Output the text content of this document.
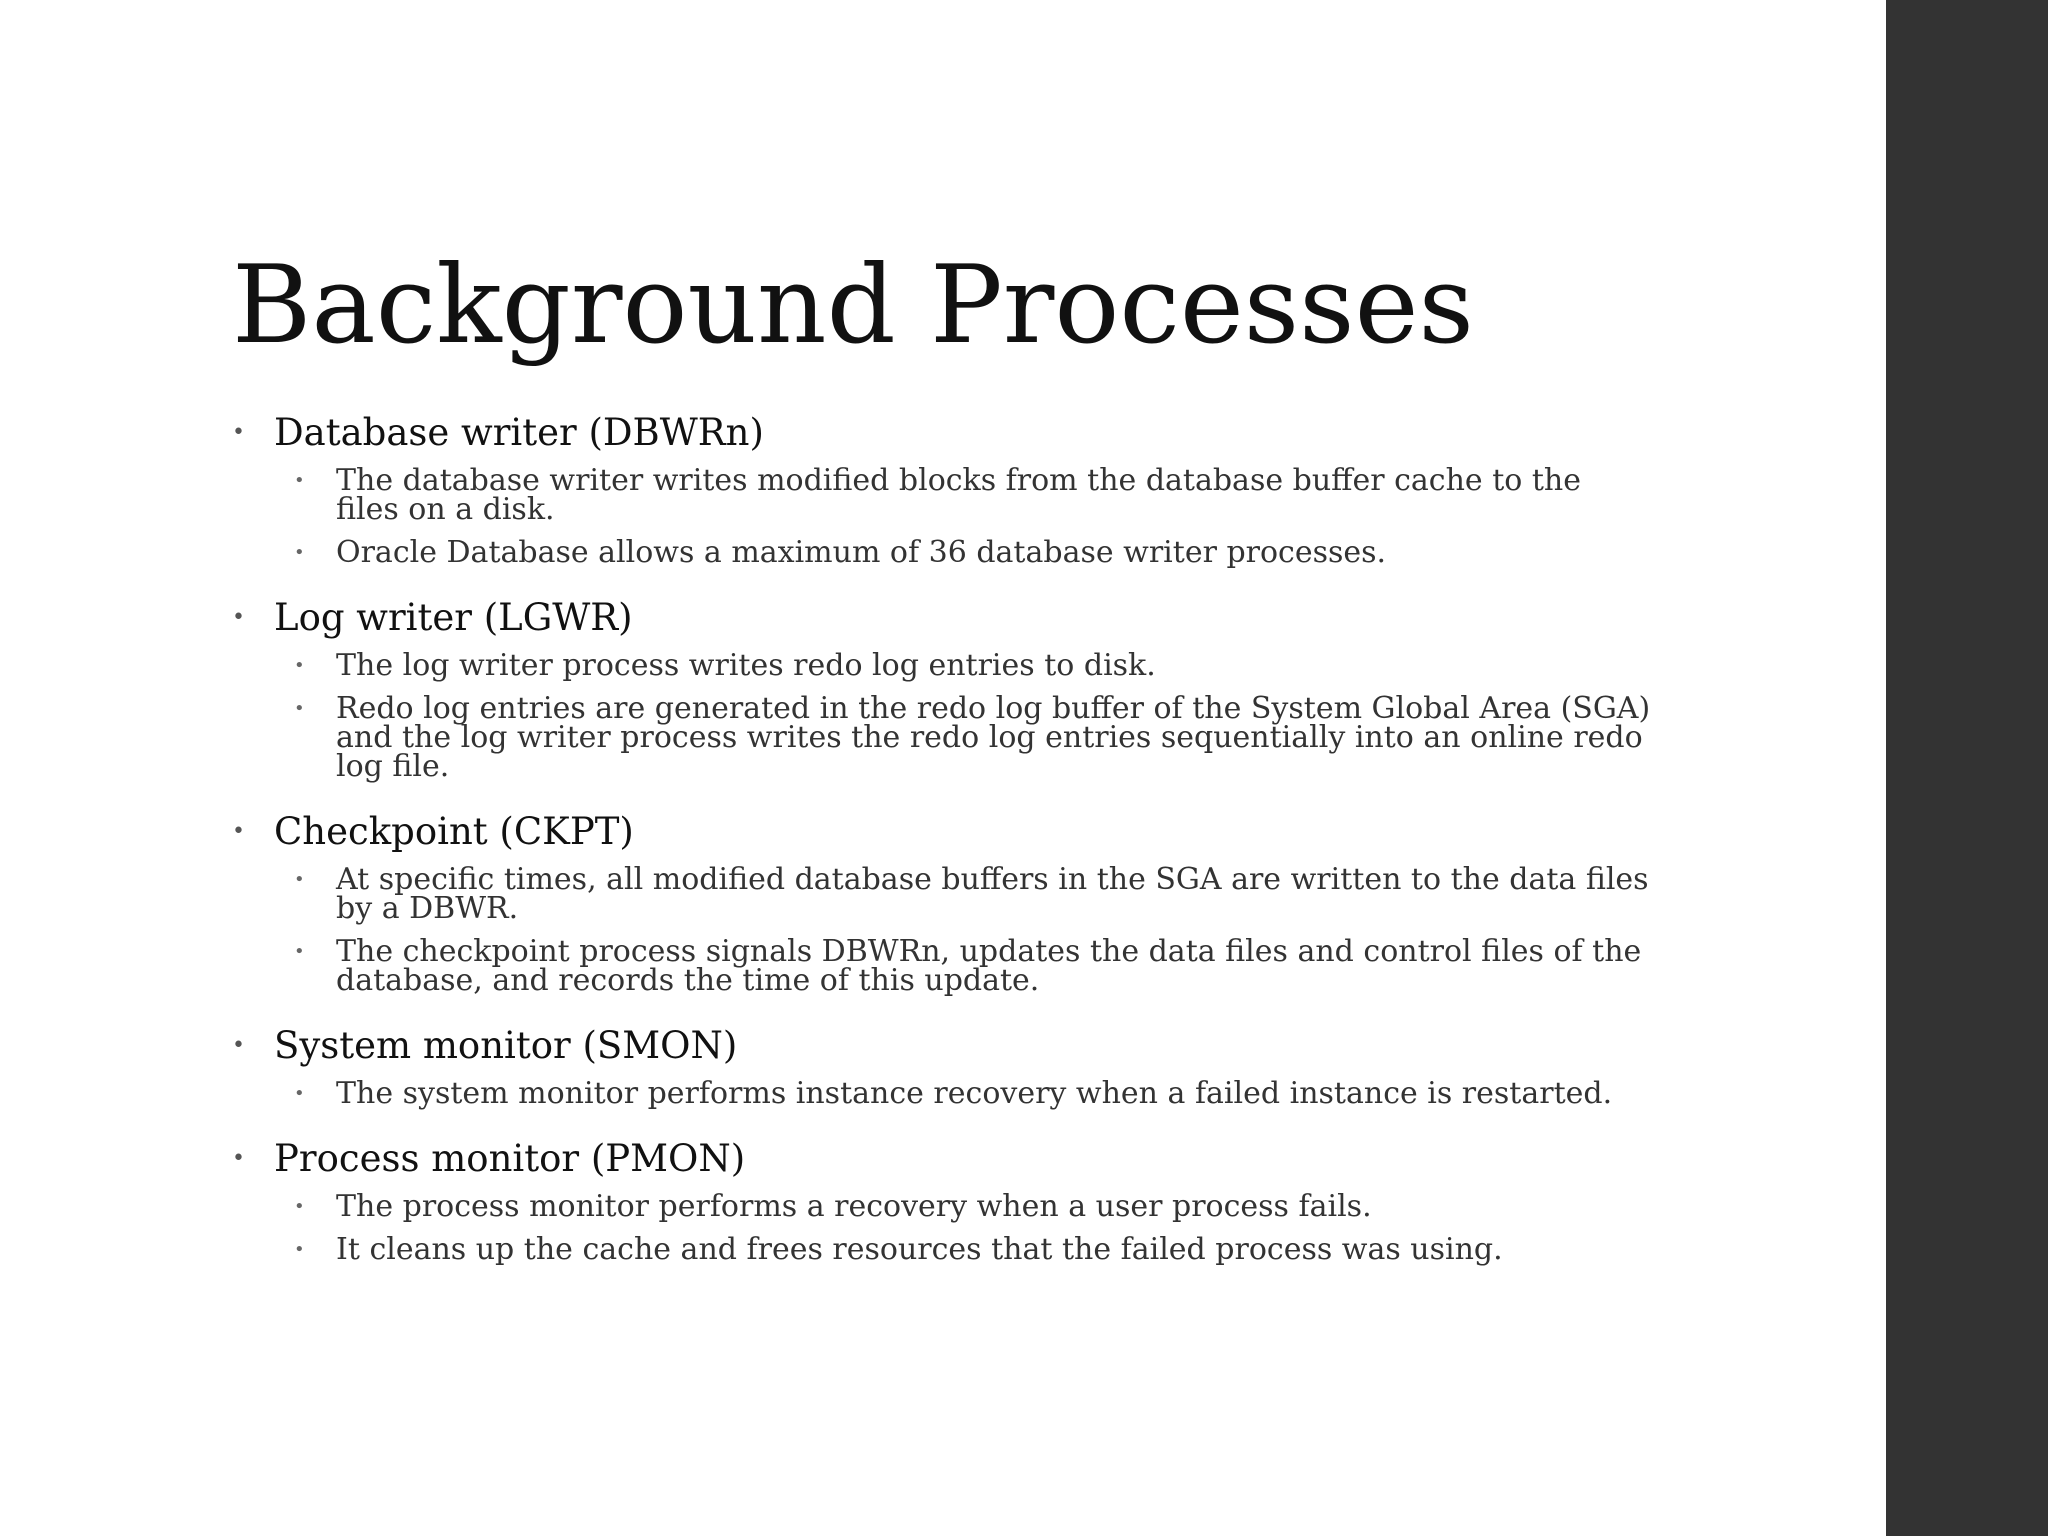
Background Processes
• Database writer (DBWRn)
• The database writer writes modified blocks from the database buffer cache to the files on a disk.
• Oracle Database allows a maximum of 36 database writer processes.
• Log writer (LGWR)
• The log writer process writes redo log entries to disk.
• Redo log entries are generated in the redo log buffer of the System Global Area (SGA) and the log writer process writes the redo log entries sequentially into an online redo log file.
• Checkpoint (CKPT)
• At specific times, all modified database buffers in the SGA are written to the data files by a DBWR.
• The checkpoint process signals DBWRn, updates the data files and control files of the database, and records the time of this update.
• System monitor (SMON)
• The system monitor performs instance recovery when a failed instance is restarted.
• Process monitor (PMON)
• The process monitor performs a recovery when a user process fails.
• It cleans up the cache and frees resources that the failed process was using.
